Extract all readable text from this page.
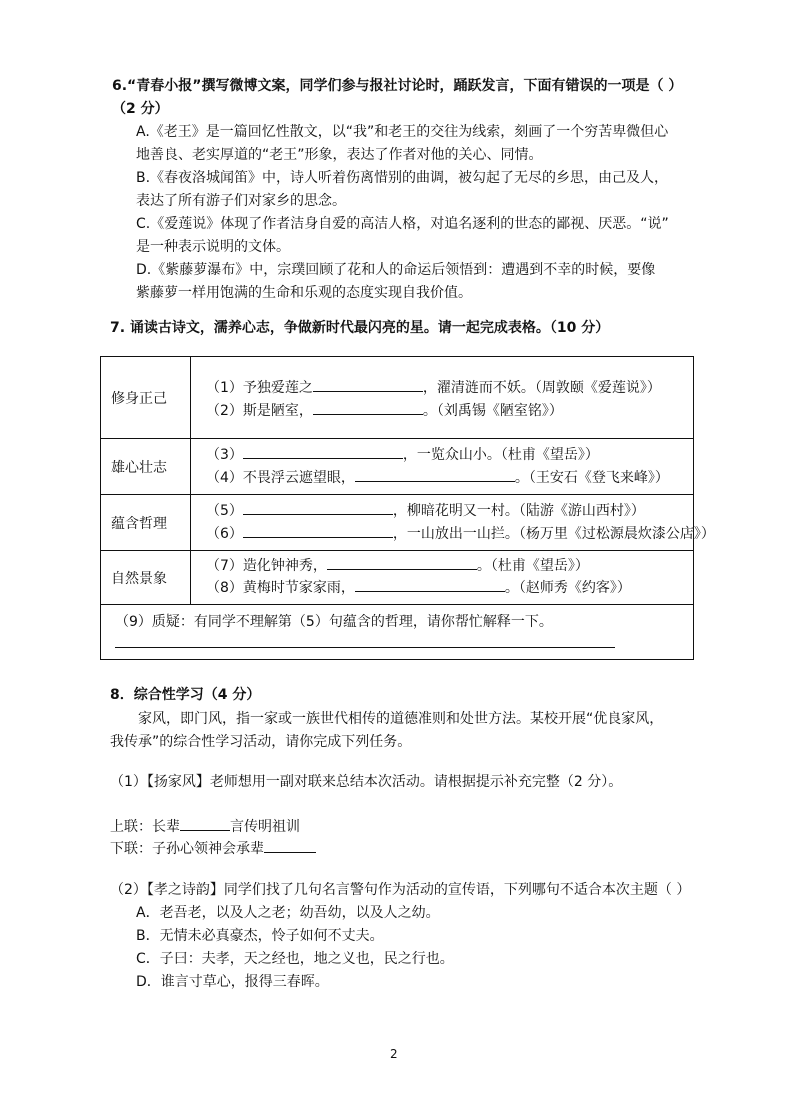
6.“青春小报”撰写微博文案，同学们参与报社讨论时，踊跃发言，下面有错误的一项是（ ）
（2 分）
A.《老王》是一篇回忆性散文，以“我”和老王的交往为线索，刻画了一个穷苦卑微但心
地善良、老实厚道的“老王”形象，表达了作者对他的关心、同情。
B.《春夜洛城闻笛》中，诗人听着伤离惜别的曲调，被勾起了无尽的乡思，由己及人，
表达了所有游子们对家乡的思念。
C.《爱莲说》体现了作者洁身自爱的高洁人格，对追名逐利的世态的鄙视、厌恶。“说”
是一种表示说明的文体。
D.《紫藤萝瀑布》中，宗璞回顾了花和人的命运后领悟到：遭遇到不幸的时候，要像
紫藤萝一样用饱满的生命和乐观的态度实现自我价值。
7. 诵读古诗文，濡养心志，争做新时代最闪亮的星。请一起完成表格。（10 分）
修身正己
（1）予独爱莲之	，濯清涟而不妖。（周敦颐《爱莲说》）
（2）斯是陋室，	。（刘禹锡《陋室铭》）
雄心壮志
（3）	，一览众山小。（杜甫《望岳》）
（4）不畏浮云遮望眼，	。（王安石《登飞来峰》）
蕴含哲理
（5）	，柳暗花明又一村。（陆游《游山西村》）
（6）	，一山放出一山拦。（杨万里《过松源晨炊漆公店》）
自然景象
（7）造化钟神秀，	。（杜甫《望岳》）
（8）黄梅时节家家雨，	。（赵师秀《约客》）
（9）质疑：有同学不理解第（5）句蕴含的哲理，请你帮忙解释一下。
8．综合性学习（4 分）
家风，即门风，指一家或一族世代相传的道德准则和处世方法。某校开展“优良家风，
我传承”的综合性学习活动，请你完成下列任务。
（1）【扬家风】老师想用一副对联来总结本次活动。请根据提示补充完整（2 分）。
上联：长辈	言传明祖训
下联：子孙心领神会承辈
（2）【孝之诗韵】同学们找了几句名言警句作为活动的宣传语，下列哪句不适合本次主题（ ）
A．老吾老，以及人之老；幼吾幼，以及人之幼。
B．无情未必真豪杰，怜子如何不丈夫。
C．子曰：夫孝，天之经也，地之义也，民之行也。
D．谁言寸草心，报得三春晖。
2
